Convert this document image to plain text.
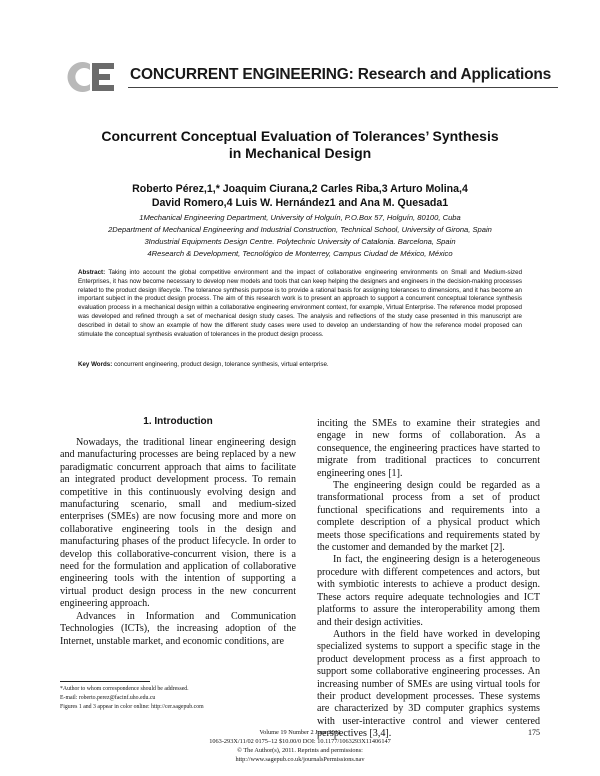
CONCURRENT ENGINEERING: Research and Applications
Concurrent Conceptual Evaluation of Tolerances’ Synthesis
in Mechanical Design
Roberto Pérez,1,* Joaquim Ciurana,2 Carles Riba,3 Arturo Molina,4
David Romero,4 Luis W. Hernández1 and Ana M. Quesada1
1Mechanical Engineering Department, University of Holguín, P.O.Box 57, Holguín, 80100, Cuba
2Department of Mechanical Engineering and Industrial Construction, Technical School, University of Girona, Spain
3Industrial Equipments Design Centre. Polytechnic University of Catalonia. Barcelona, Spain
4Research & Development, Tecnológico de Monterrey, Campus Ciudad de México, México
Abstract: Taking into account the global competitive environment and the impact of collaborative engineering environments on Small and Medium-sized Enterprises, it has now become necessary to develop new models and tools that can keep helping the designers and engineers in the decision-making processes related to the product design lifecycle. The tolerance synthesis purpose is to provide a rational basis for assigning tolerances to dimensions, and it has become an important subject in the product design process. The aim of this research work is to present an approach to support a concurrent conceptual tolerance synthesis evaluation process in a mechanical design within a collaborative engineering environment context, for example, Virtual Enterprise. The reference model proposed was developed and refined through a set of mechanical design study cases. The analysis and reflections of the study case presented in this manuscript are described in detail to show an example of how the different study cases were used to develop an understanding of how the reference model proposed can stimulate the conceptual synthesis evaluation of tolerances in the product design process.
Key Words: concurrent engineering, product design, tolerance synthesis, virtual enterprise.
1. Introduction

Nowadays, the traditional linear engineering design and manufacturing processes are being replaced by a new paradigmatic concurrent approach that aims to facilitate an integrated product development process. To remain competitive in this continuously evolving design and manufacturing scenario, small and medium-sized enterprises (SMEs) are now focusing more and more on collaborative engineering tools in the design and manufacturing phases of the product lifecycle. In order to develop this collaborative-concurrent vision, there is a need for the formulation and application of collaborative engineering tools with the intention of supporting a virtual product design process in the new concurrent engineering approach.

Advances in Information and Communication Technologies (ICTs), the increasing adoption of the Internet, unstable market, and economic conditions, are

inciting the SMEs to examine their strategies and engage in new forms of collaboration. As a consequence, the engineering practices have started to migrate from traditional practices to concurrent engineering ones [1].

The engineering design could be regarded as a transformational process from a set of product functional specifications and requirements into a complete description of a physical product which meets those specifications and requirements stated by the customer and demanded by the market [2].

In fact, the engineering design is a heterogeneous procedure with different competences and actors, but with symbiotic interests to achieve a product design. These actors require adequate technologies and ICT platforms to assure the interoperability among them and their design activities.

Authors in the field have worked in developing specialized systems to support a specific stage in the product development process as a first approach to support some collaborative engineering processes. An increasing number of SMEs are using virtual tools for their product development processes. These systems are characterized by 3D computer graphics systems with user-interactive control and viewer centered perspectives [3,4].

*Author to whom correspondence should be addressed.
E-mail: roberto.perez@facinf.uho.edu.cu
Figures 1 and 3 appear in color online: http://cer.sagepub.com
Volume 19 Number 2 June 2011
1063-293X/11/02 0175–12 $10.00/0 DOI: 10.1177/1063293X11406147
© The Author(s), 2011. Reprints and permissions:
http://www.sagepub.co.uk/journalsPermissions.nav
175
